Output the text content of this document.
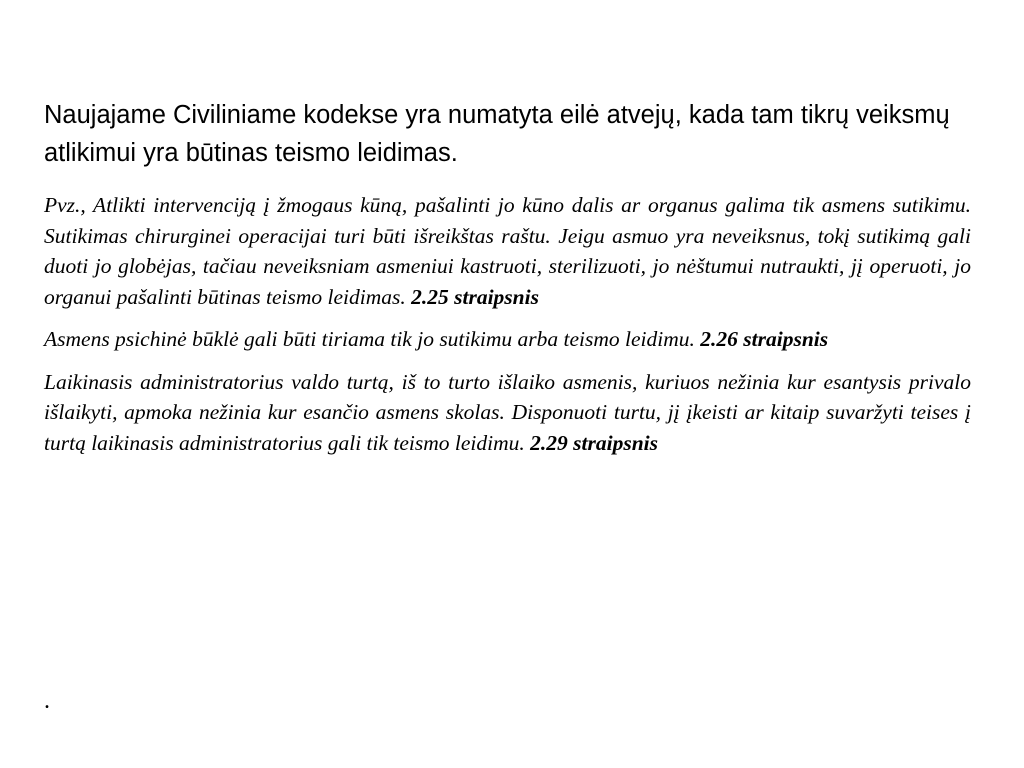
Naujajame Civiliniame kodekse yra numatyta eilė atvejų, kada tam tikrų veiksmų atlikimui yra būtinas teismo leidimas.

Pvz., Atlikti intervenciją į žmogaus kūną, pašalinti jo kūno dalis ar organus galima tik asmens sutikimu. Sutikimas chirurginei operacijai turi būti išreikštas raštu. Jeigu asmuo yra neveiksnus, tokį sutikimą gali duoti jo globėjas, tačiau neveiksniam asmeniui kastruoti, sterilizuoti, jo nėštumui nutraukti, jį operuoti, jo organui pašalinti būtinas teismo leidimas. 2.25 straipsnis

Asmens psichinė būklė gali būti tiriama tik jo sutikimu arba teismo leidimu. 2.26 straipsnis

Laikinasis administratorius valdo turtą, iš to turto išlaiko asmenis, kuriuos nežinia kur esantysis privalo išlaikyti, apmoka nežinia kur esančio asmens skolas. Disponuoti turtu, jį įkeisti ar kitaip suvaržyti teises į turtą laikinasis administratorius gali tik teismo leidimu. 2.29 straipsnis

.
